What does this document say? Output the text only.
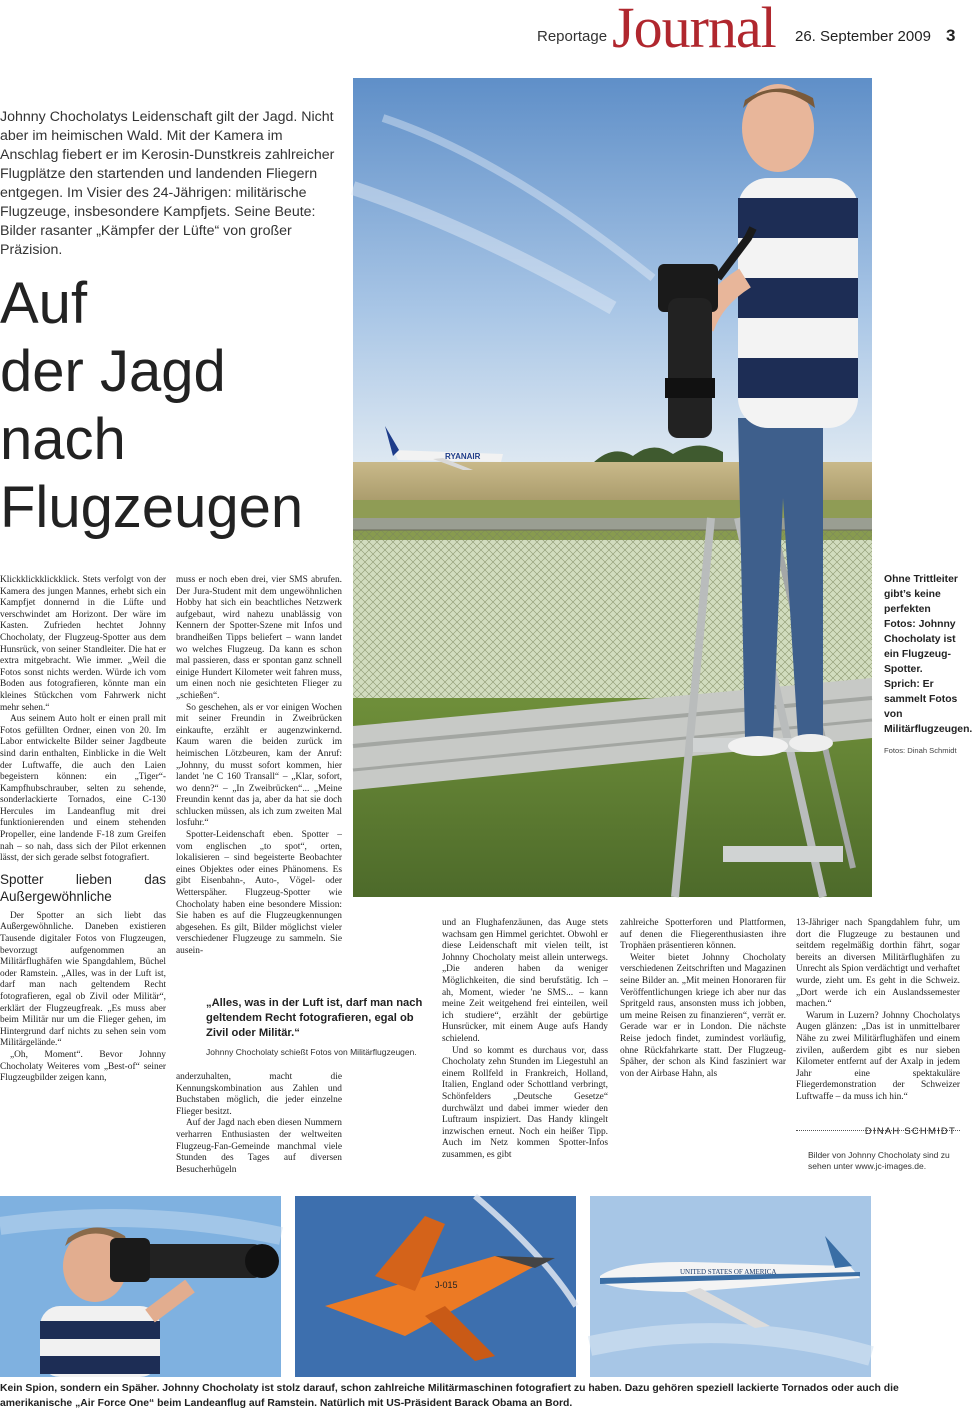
Reportage Journal 26. September 2009 3
Johnny Chocholatys Leidenschaft gilt der Jagd. Nicht aber im heimischen Wald. Mit der Kamera im Anschlag fiebert er im Kerosin-Dunstkreis zahlreicher Flugplätze den startenden und landenden Fliegern entgegen. Im Visier des 24-Jährigen: militärische Flugzeuge, insbesondere Kampfjets. Seine Beute: Bilder rasanter „Kämpfer der Lüfte“ von großer Präzision.
Auf
der Jagd
nach
Flugzeugen

Klickklickklickklick. Stets verfolgt von der Kamera des jungen Mannes, erhebt sich ein Kampfjet donnernd in die Lüfte und verschwindet am Horizont. Der wäre im Kasten. Zufrieden hechtet Johnny Chocholaty, der Flugzeug-Spotter aus dem Hunsrück, von seiner Standleiter. Die hat er extra mitgebracht. Wie immer. „Weil die Fotos sonst nichts werden. Würde ich vom Boden aus fotografieren, könnte man ein kleines Stückchen vom Fahrwerk nicht mehr sehen.“

Aus seinem Auto holt er einen prall mit Fotos gefüllten Ordner, einen von 20. Im Labor entwickelte Bilder seiner Jagdbeute sind darin enthalten, Einblicke in die Welt der Luftwaffe, die auch den Laien begeistern können: ein „Tiger“-Kampfhubschrauber, selten zu sehende, sonderlackierte Tornados, eine C-130 Hercules im Landeanflug mit drei funktionierenden und einem stehenden Propeller, eine landende F-18 zum Greifen nah – so nah, dass sich der Pilot erkennen lässt, der sich gerade selbst fotografiert.

Spotter lieben das Außergewöhnliche

Der Spotter an sich liebt das Außergewöhnliche. Daneben existieren Tausende digitaler Fotos von Flugzeugen, bevorzugt aufgenommen an Militärflughäfen wie Spangdahlem, Büchel oder Ramstein. „Alles, was in der Luft ist, darf man nach geltendem Recht fotografieren, egal ob Zivil oder Militär“, erklärt der Flugzeugfreak. „Es muss aber beim Militär nur um die Flieger gehen, im Hintergrund darf nichts zu sehen sein vom Militärgelände.“

„Oh, Moment“. Bevor Johnny Chocholaty Weiteres vom „Best-of“ seiner Flugzeugbilder zeigen kann,

muss er noch eben drei, vier SMS abrufen. Der Jura-Student mit dem ungewöhnlichen Hobby hat sich ein beachtliches Netzwerk aufgebaut, wird nahezu unablässig von Kennern der Spotter-Szene mit Infos und brandheißen Tipps beliefert – wann landet wo welches Flugzeug. Da kann es schon mal passieren, dass er spontan ganz schnell einige Hundert Kilometer weit fahren muss, um einen noch nie gesichteten Flieger zu „schießen“.

So geschehen, als er vor einigen Wochen mit seiner Freundin in Zweibrücken einkaufte, erzählt er augenzwinkernd. Kaum waren die beiden zurück im heimischen Lötzbeuren, kam der Anruf: „Johnny, du musst sofort kommen, hier landet 'ne C 160 Transall“ – „Klar, sofort, wo denn?“ – „In Zweibrücken“... „Meine Freundin kennt das ja, aber da hat sie doch schlucken müssen, als ich zum zweiten Mal losfuhr.“

Spotter-Leidenschaft eben. Spotter – vom englischen „to spot“, orten, lokalisieren – sind begeisterte Beobachter eines Objektes oder eines Phänomens. Es gibt Eisenbahn-, Auto-, Vögel- oder Wetterspäher. Flugzeug-Spotter wie Chocholaty haben eine besondere Mission: Sie haben es auf die Flugzeugkennungen abgesehen. Es gilt, Bilder möglichst vieler verschiedener Flugzeuge zu sammeln. Sie ausein-

„Alles, was in der Luft ist, darf man nach geltendem Recht fotografieren, egal ob Zivil oder Militär.“
Johnny Chocholaty schießt Fotos von Militärflugzeugen.

anderzuhalten, macht die Kennungskombination aus Zahlen und Buchstaben möglich, die jeder einzelne Flieger besitzt.

Auf der Jagd nach eben diesen Nummern verharren Enthusiasten der weltweiten Flugzeug-Fan-Gemeinde manchmal viele Stunden des Tages auf diversen Besucherhügeln

und an Flughafenzäunen, das Auge stets wachsam gen Himmel gerichtet. Obwohl er diese Leidenschaft mit vielen teilt, ist Johnny Chocholaty meist allein unterwegs. „Die anderen haben da weniger Möglichkeiten, die sind berufstätig. Ich – ah, Moment, wieder 'ne SMS... – kann meine Zeit weitgehend frei einteilen, weil ich studiere“, erzählt der gebürtige Hunsrücker, mit einem Auge aufs Handy schielend.

Und so kommt es durchaus vor, dass Chocholaty zehn Stunden im Liegestuhl an einem Rollfeld in Frankreich, Holland, Italien, England oder Schottland verbringt, Schönfelders „Deutsche Gesetze“ durchwälzt und dabei immer wieder den Luftraum inspiziert. Das Handy klingelt inzwischen erneut. Noch ein heißer Tipp. Auch im Netz kommen Spotter-Infos zusammen, es gibt

zahlreiche Spotterforen und Plattformen, auf denen die Fliegerenthusiasten ihre Trophäen präsentieren können.

Weiter bietet Johnny Chocholaty verschiedenen Zeitschriften und Magazinen seine Bilder an. „Mit meinen Honoraren für Veröffentlichungen kriege ich aber nur das Spritgeld raus, ansonsten muss ich jobben, um meine Reisen zu finanzieren“, verrät er. Gerade war er in London. Die nächste Reise jedoch findet, zumindest vorläufig, ohne Rückfahrkarte statt. Der Flugzeug-Späher, der schon als Kind fasziniert war von der Airbase Hahn, als

13-Jähriger nach Spangdahlem fuhr, um dort die Flugzeuge zu bestaunen und seitdem regelmäßig dorthin fährt, sogar bereits an diversen Militärflughäfen zu Unrecht als Spion verdächtigt und verhaftet wurde, zieht um. Es geht in die Schweiz. „Dort werde ich ein Auslandssemester machen.“

Warum in Luzern? Johnny Chocholatys Augen glänzen: „Das ist in unmittelbarer Nähe zu zwei Militärflughäfen und einem zivilen, außerdem gibt es nur sieben Kilometer entfernt auf der Axalp in jedem Jahr eine spektakuläre Fliegerdemonstration der Schweizer Luftwaffe – da muss ich hin.“

DINAH SCHMIDT
Bilder von Johnny Chocholaty sind zu sehen unter www.jc-images.de.
RYANAIR
Ohne Trittleiter gibt’s keine perfekten Fotos: Johnny Chocholaty ist ein Flugzeug-Spotter. Sprich: Er sammelt Fotos von Militärflugzeugen.
Fotos: Dinah Schmidt
J-015
UNITED STATES OF AMERICA
Kein Spion, sondern ein Späher. Johnny Chocholaty ist stolz darauf, schon zahlreiche Militärmaschinen fotografiert zu haben. Dazu gehören speziell lackierte Tornados oder auch die amerikanische „Air Force One“ beim Landeanflug auf Ramstein. Natürlich mit US-Präsident Barack Obama an Bord.
